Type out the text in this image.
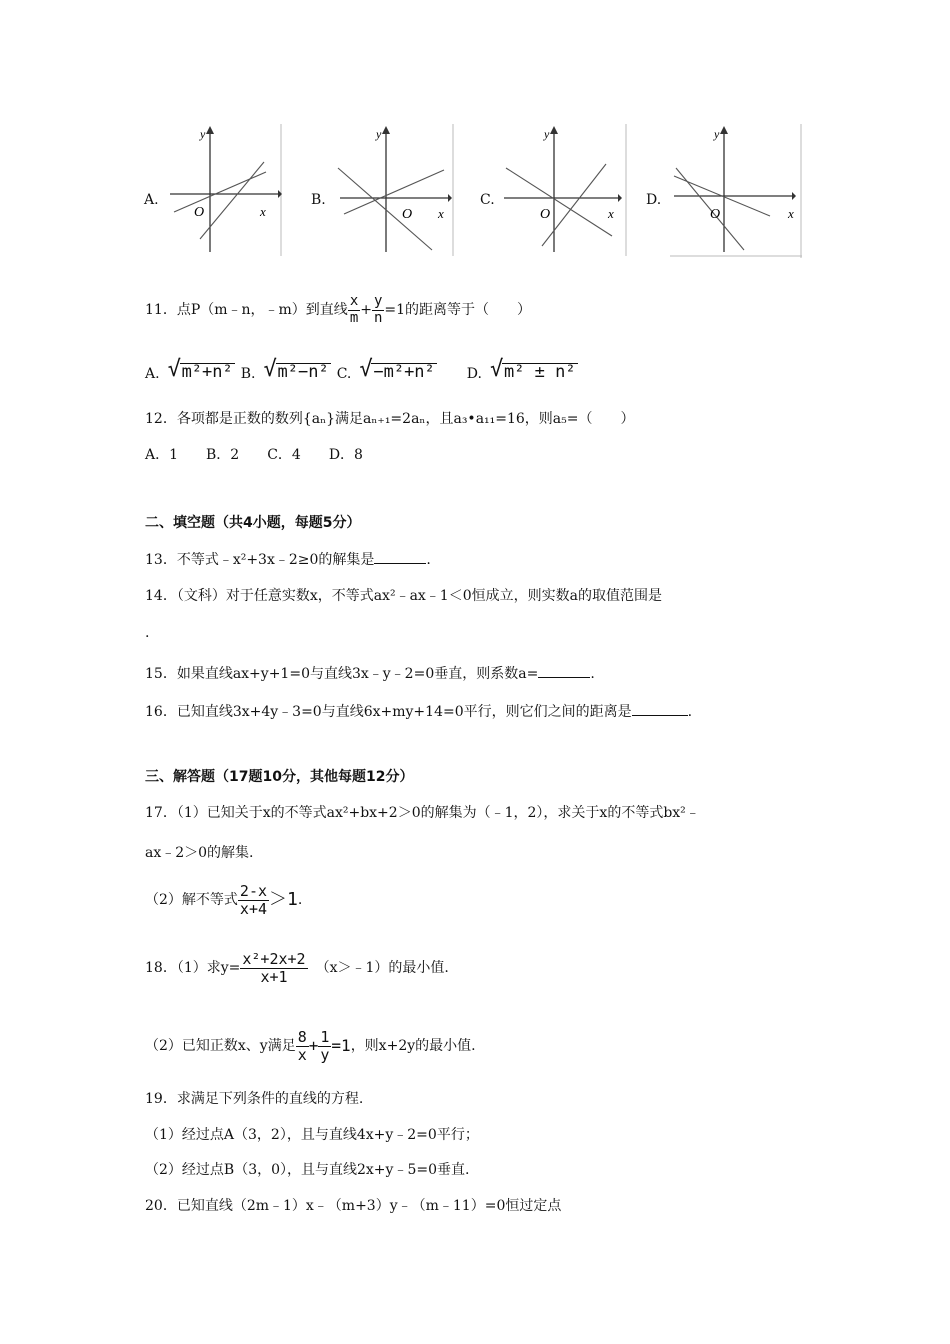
A.
y
O	x
B.
y
O x
C.
y
O	x
D.
y
O	x
11．点P（m﹣n，﹣m）到直线 $\frac{x}{m} + \frac{y}{n} =1$的距离等于（　　）
A. √ m²+n² B. √ m²−n² C. √ −m²+n² D. √ m² ± n²
12．各项都是正数的数列{aₙ}满足aₙ₊₁=2aₙ，且a₃•a₁₁=16，则a₅=（　　）
A．1　　B．2　　C．4　　D．8
二、填空题（共4小题，每题5分）
13．不等式﹣x²+3x﹣2≥0的解集是	.
14．（文科）对于任意实数x，不等式ax²﹣ax﹣1＜0恒成立，则实数a的取值范围是
.
15．如果直线ax+y+1=0与直线3x﹣y﹣2=0垂直，则系数a=	.
16．已知直线3x+4y﹣3=0与直线6x+my+14=0平行，则它们之间的距离是	.
三、解答题（17题10分，其他每题12分）
17．（1）已知关于x的不等式ax²+bx+2＞0的解集为（﹣1，2），求关于x的不等式bx²﹣
ax﹣2＞0的解集.
（2）解不等式 $\frac{2-x}{x+4} >1$ .
18．（1）求$y= \frac{\text{x²+2x+2}}{x+1}$ （x＞﹣1）的最小值.
（2）已知正数x、y满足 $\frac{8}{x} + \frac{1}{y} =1$ ，则x+2y的最小值.
19．求满足下列条件的直线的方程.
（1）经过点A（3，2），且与直线4x+y﹣2=0平行；
（2）经过点B（3，0），且与直线2x+y﹣5=0垂直.
20．已知直线（2m﹣1）x﹣（m+3）y﹣（m﹣11）=0恒过定点
